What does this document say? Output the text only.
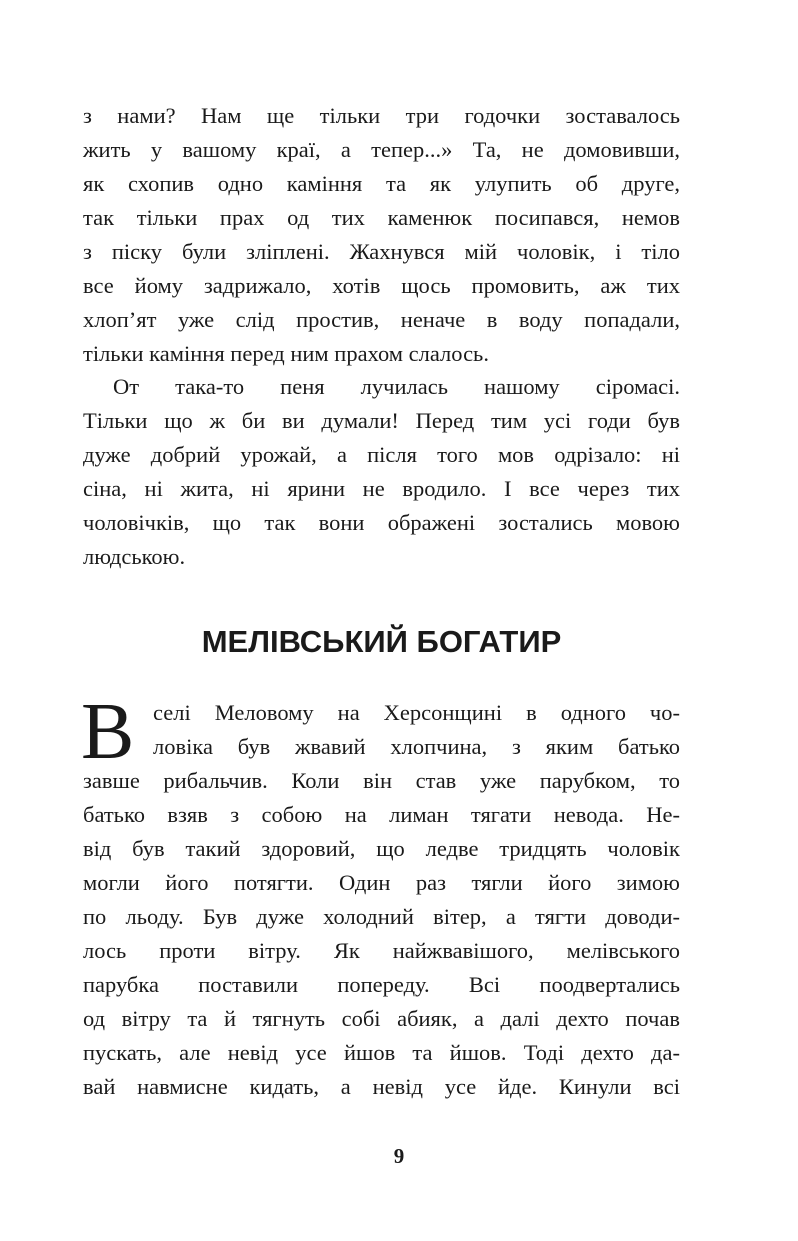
з нами? Нам ще тільки три годочки зоставалось
жить у вашому краї, а тепер...» Та, не домовивши,
як схопив одно каміння та як улупить об друге,
так тільки прах од тих каменюк посипався, немов
з піску були зліплені. Жахнувся мій чоловік, і тіло
все йому задрижало, хотів щось промовить, аж тих
хлоп’ят уже слід простив, неначе в воду попадали,
тільки каміння перед ним прахом слалось.
От така-то пеня лучилась нашому сіромасі.
Тільки що ж би ви думали! Перед тим усі годи був
дуже добрий урожай, а після того мов одрізало: ні
сіна, ні жита, ні ярини не вродило. І все через тих
чоловічків, що так вони ображені зостались мовою
людською.
МЕЛІВСЬКИЙ БОГАТИР
В селі Меловому на Херсонщині в одного чо-
ловіка був жвавий хлопчина, з яким батько
завше рибальчив. Коли він став уже парубком, то
батько взяв з собою на лиман тягати невода. Не-
від був такий здоровий, що ледве тридцять чоловік
могли його потягти. Один раз тягли його зимою
по льоду. Був дуже холодний вітер, а тягти доводи-
лось проти вітру. Як найжвавішого, мелівського
парубка поставили попереду. Всі поодвертались
од вітру та й тягнуть собі абияк, а далі дехто почав
пускать, але невід усе йшов та йшов. Тоді дехто да-
вай навмисне кидать, а невід усе йде. Кинули всі
9
